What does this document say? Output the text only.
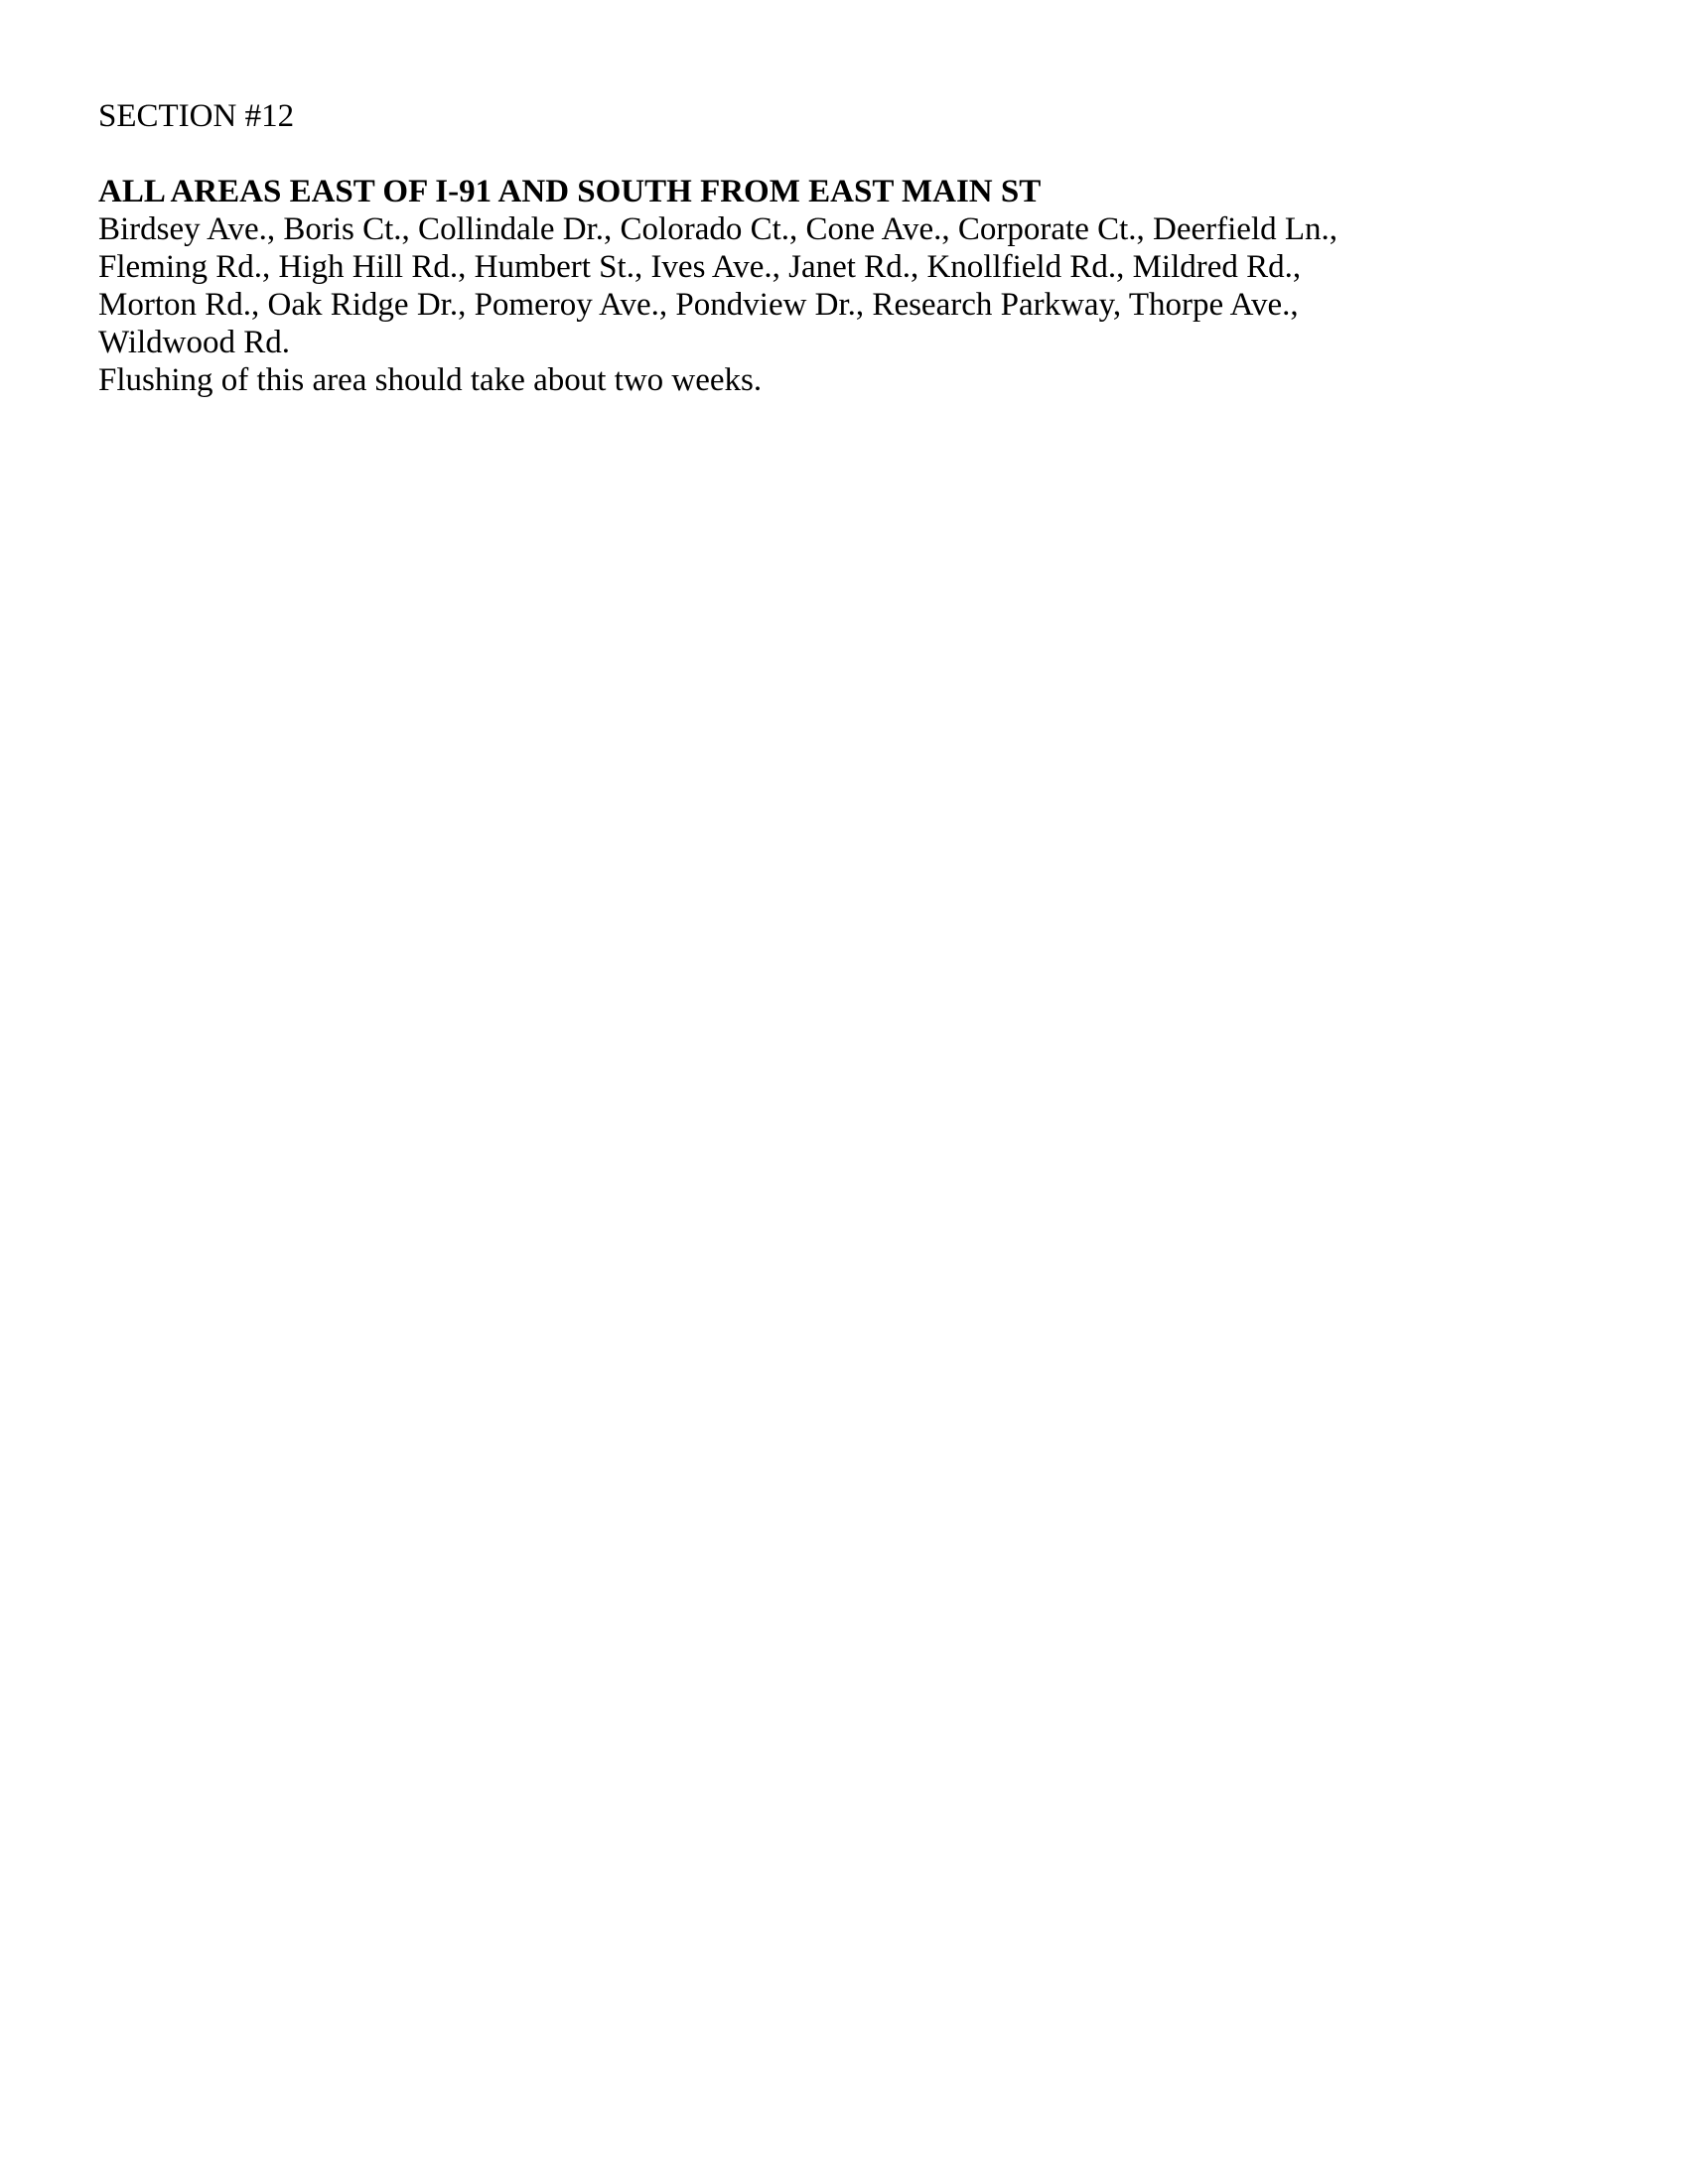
SECTION #12

ALL AREAS EAST OF I-91 AND SOUTH FROM EAST MAIN ST

Birdsey Ave., Boris Ct., Collindale Dr., Colorado Ct., Cone Ave., Corporate Ct., Deerfield Ln.,
Fleming Rd., High Hill Rd., Humbert St., Ives Ave., Janet Rd., Knollfield Rd., Mildred Rd.,
Morton Rd., Oak Ridge Dr., Pomeroy Ave., Pondview Dr., Research Parkway, Thorpe Ave.,
Wildwood Rd.

Flushing of this area should take about two weeks.
